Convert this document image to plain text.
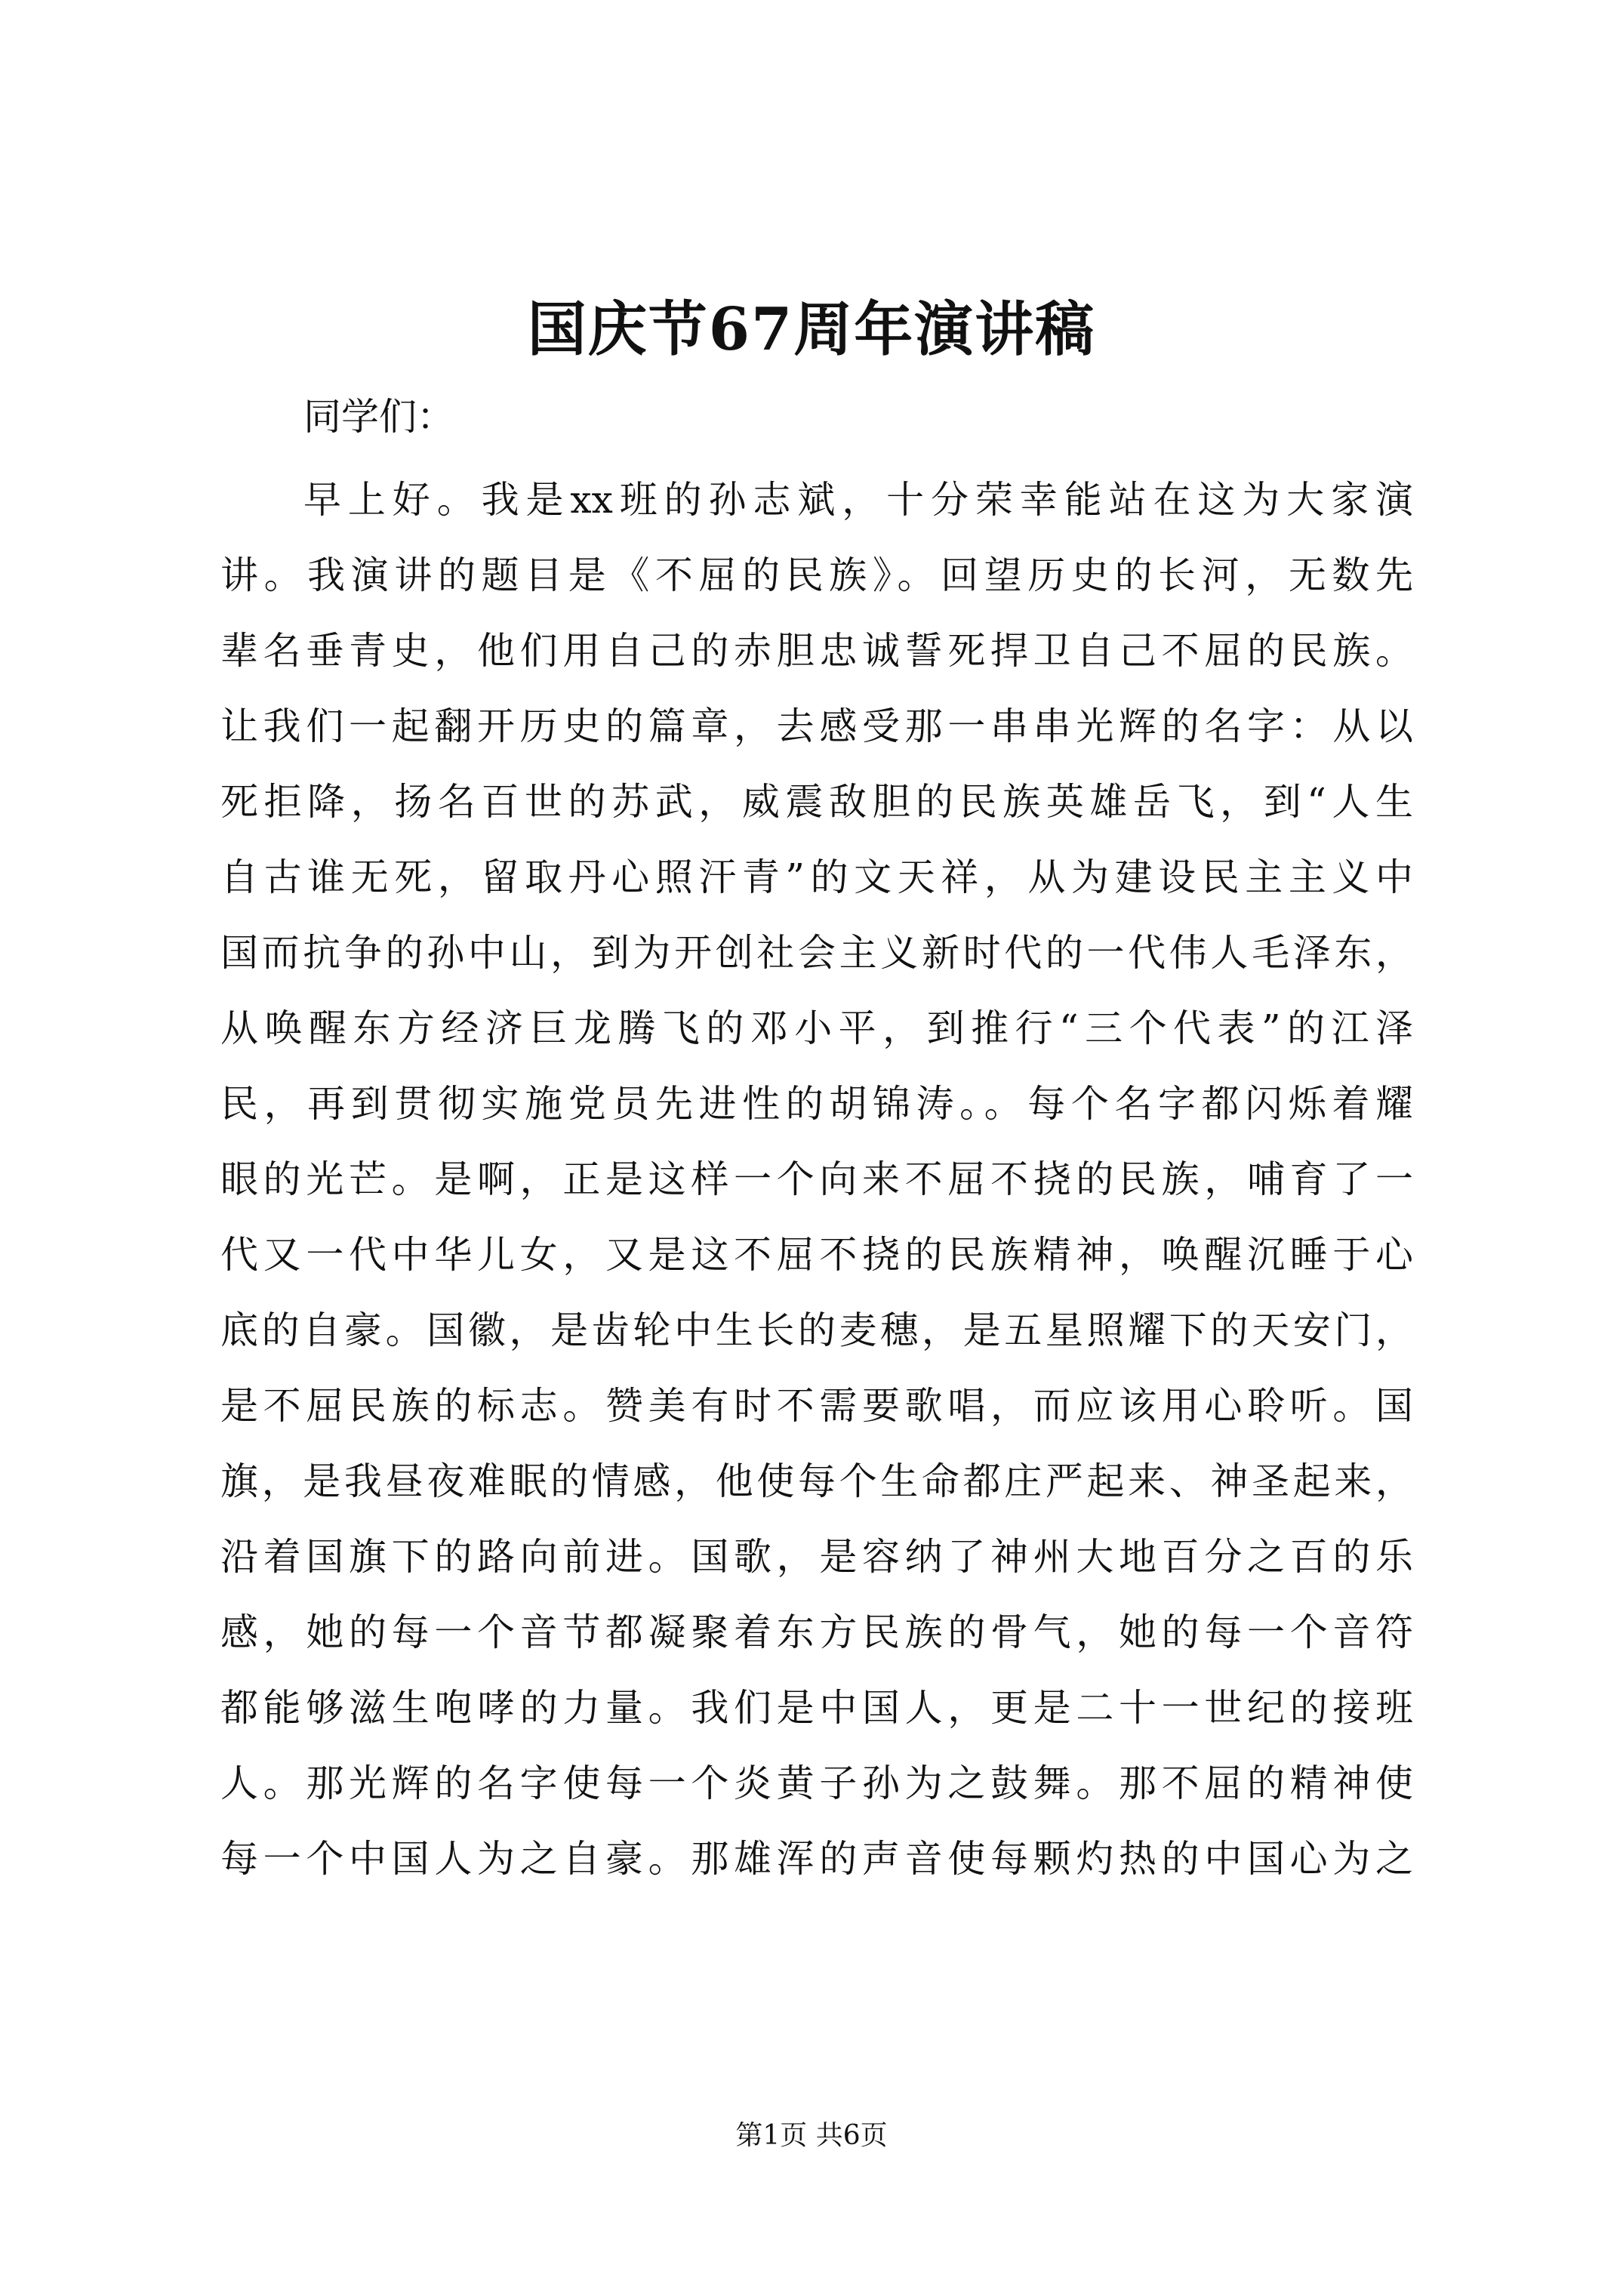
国庆节67周年演讲稿

同学们：

早上好。我是xx班的孙志斌，十分荣幸能站在这为大家演
讲。我演讲的题目是《不屈的民族》。回望历史的长河，无数先
辈名垂青史，他们用自己的赤胆忠诚誓死捍卫自己不屈的民族。
让我们一起翻开历史的篇章，去感受那一串串光辉的名字：从以
死拒降，扬名百世的苏武，威震敌胆的民族英雄岳飞，到“人生
自古谁无死，留取丹心照汗青”的文天祥，从为建设民主主义中
国而抗争的孙中山，到为开创社会主义新时代的一代伟人毛泽东，
从唤醒东方经济巨龙腾飞的邓小平，到推行“三个代表”的江泽
民，再到贯彻实施党员先进性的胡锦涛。。每个名字都闪烁着耀
眼的光芒。是啊，正是这样一个向来不屈不挠的民族，哺育了一
代又一代中华儿女，又是这不屈不挠的民族精神，唤醒沉睡于心
底的自豪。国徽，是齿轮中生长的麦穗，是五星照耀下的天安门，
是不屈民族的标志。赞美有时不需要歌唱，而应该用心聆听。国
旗，是我昼夜难眠的情感，他使每个生命都庄严起来、神圣起来，
沿着国旗下的路向前进。国歌，是容纳了神州大地百分之百的乐
感，她的每一个音节都凝聚着东方民族的骨气，她的每一个音符
都能够滋生咆哮的力量。我们是中国人，更是二十一世纪的接班
人。那光辉的名字使每一个炎黄子孙为之鼓舞。那不屈的精神使
每一个中国人为之自豪。那雄浑的声音使每颗灼热的中国心为之
第1页 共6页
